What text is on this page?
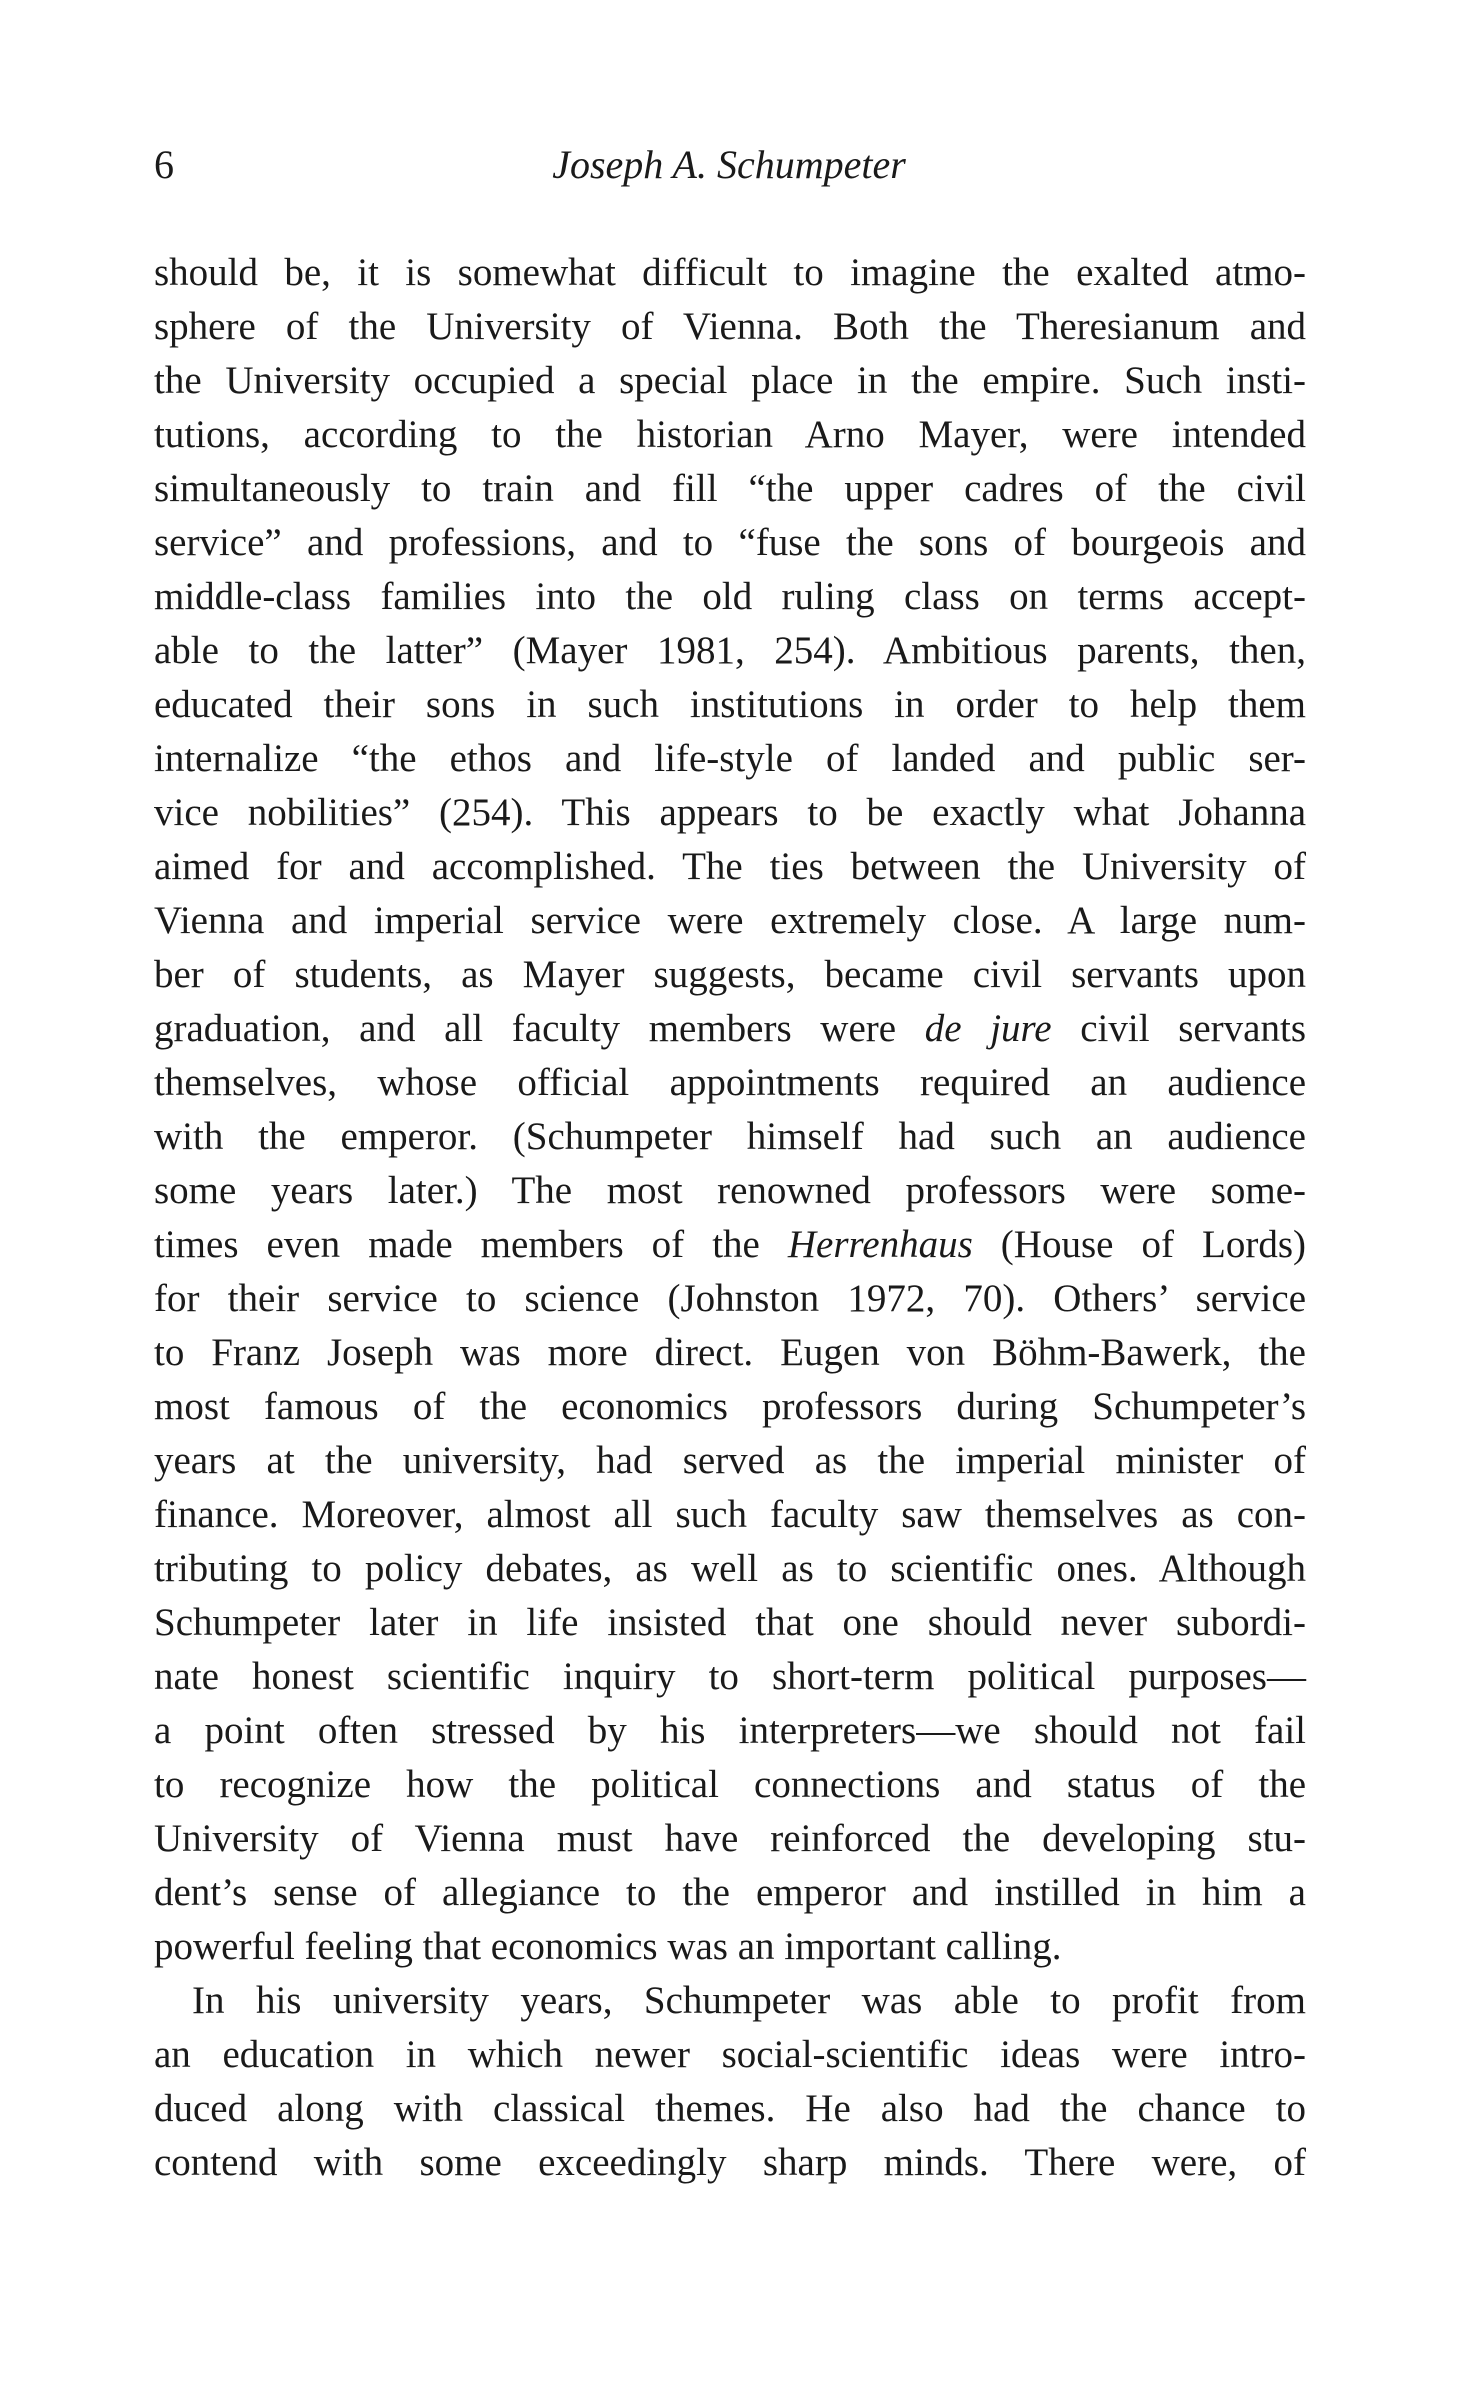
6	Joseph A. Schumpeter
should be, it is somewhat difficult to imagine the exalted atmo-
sphere of the University of Vienna. Both the Theresianum and
the University occupied a special place in the empire. Such insti-
tutions, according to the historian Arno Mayer, were intended
simultaneously to train and fill “the upper cadres of the civil
service” and professions, and to “fuse the sons of bourgeois and
middle-class families into the old ruling class on terms accept-
able to the latter” (Mayer 1981, 254). Ambitious parents, then,
educated their sons in such institutions in order to help them
internalize “the ethos and life-style of landed and public ser-
vice nobilities” (254). This appears to be exactly what Johanna
aimed for and accomplished. The ties between the University of
Vienna and imperial service were extremely close. A large num-
ber of students, as Mayer suggests, became civil servants upon
graduation, and all faculty members were de jure civil servants
themselves, whose official appointments required an audience
with the emperor. (Schumpeter himself had such an audience
some years later.) The most renowned professors were some-
times even made members of the Herrenhaus (House of Lords)
for their service to science (Johnston 1972, 70). Others’ service
to Franz Joseph was more direct. Eugen von Böhm-Bawerk, the
most famous of the economics professors during Schumpeter’s
years at the university, had served as the imperial minister of
finance. Moreover, almost all such faculty saw themselves as con-
tributing to policy debates, as well as to scientific ones. Although
Schumpeter later in life insisted that one should never subordi-
nate honest scientific inquiry to short-term political purposes—
a point often stressed by his interpreters—we should not fail
to recognize how the political connections and status of the
University of Vienna must have reinforced the developing stu-
dent’s sense of allegiance to the emperor and instilled in him a
powerful feeling that economics was an important calling.
In his university years, Schumpeter was able to profit from
an education in which newer social-scientific ideas were intro-
duced along with classical themes. He also had the chance to
contend with some exceedingly sharp minds. There were, of
